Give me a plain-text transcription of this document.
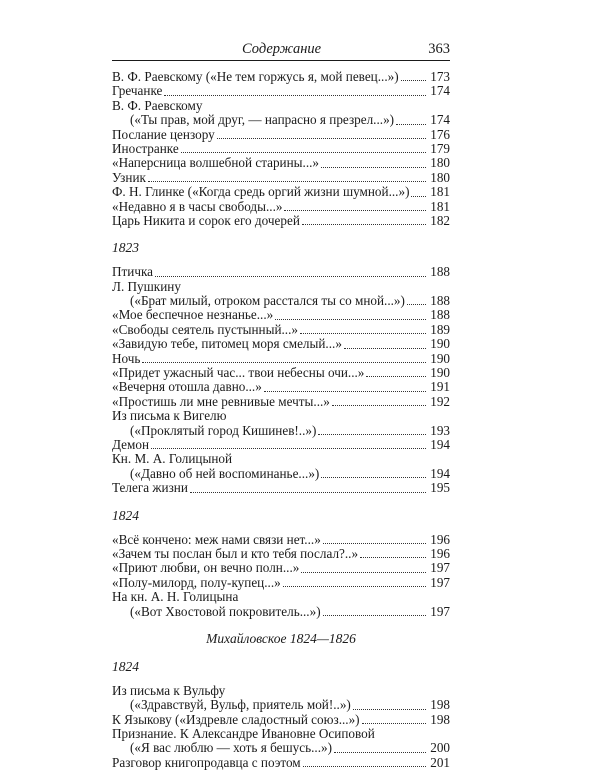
Содержание	363
В. Ф. Раевскому («Не тем горжусь я, мой певец...») 173
Гречанке	174
В. Ф. Раевскому
(«Ты прав, мой друг, — напрасно я презрел...»)	174
Послание цензору	176
Иностранке	179
«Наперсница волшебной старины...»	180
Узник	180
Ф. Н. Глинке («Когда средь оргий жизни шумной...») 181
«Недавно я в часы свободы...»	181
Царь Никита и сорок его дочерей	182
1823
Птичка	188
Л. Пушкину
(«Брат милый, отроком расстался ты со мной...») 188
«Мое беспечное незнанье...»	188
«Свободы сеятель пустынный...»	189
«Завидую тебе, питомец моря смелый...»	190
Ночь	190
«Придет ужасный час... твои небесны очи...»	190
«Вечерня отошла давно...»	191
«Простишь ли мне ревнивые мечты...»	192
Из письма к Вигелю
(«Проклятый город Кишинев!..»)	193
Демон	194
Кн. М. А. Голицыной
(«Давно об ней воспоминанье...»)	194
Телега жизни	195
1824
«Всё кончено: меж нами связи нет...»	196
«Зачем ты послан был и кто тебя послал?..»	196
«Приют любви, он вечно полн...»	197
«Полу-милорд, полу-купец...»	197
На кн. А. Н. Голицына
(«Вот Хвостовой покровитель...»)	197
Михайловское 1824—1826
1824
Из письма к Вульфу
(«Здравствуй, Вульф, приятель мой!..»)	198
К Языкову («Издревле сладостный союз...»)	198
Признание. К Александре Ивановне Осиповой
(«Я вас люблю — хоть я бешусь...»)	200
Разговор книгопродавца с поэтом	201
